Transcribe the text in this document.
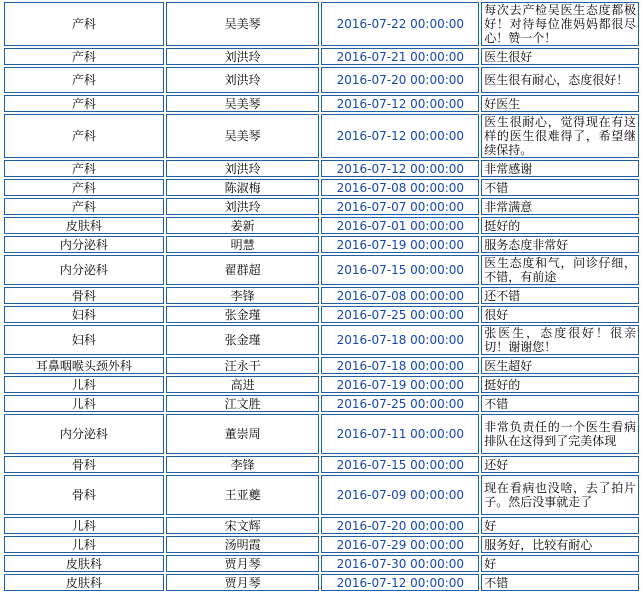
产科	吴美琴	2016-07-22 00:00:00	每次去产检吴医生态度都极好！对待每位准妈妈都很尽心！赞一个！
产科	刘洪玲	2016-07-21 00:00:00	医生很好
产科	刘洪玲	2016-07-20 00:00:00	医生很有耐心，态度很好！
产科	吴美琴	2016-07-12 00:00:00	好医生
产科	吴美琴	2016-07-12 00:00:00	医生很耐心，觉得现在有这样的医生很难得了，希望继续保持。
产科	刘洪玲	2016-07-12 00:00:00	非常感谢
产科	陈淑梅	2016-07-08 00:00:00	不错
产科	刘洪玲	2016-07-07 00:00:00	非常满意
皮肤科	姜新	2016-07-01 00:00:00	挺好的
内分泌科	明慧	2016-07-19 00:00:00	服务态度非常好
内分泌科	翟群超	2016-07-15 00:00:00	医生态度和气，问诊仔细，不错，有前途
骨科	李锋	2016-07-08 00:00:00	还不错
妇科	张金瑾	2016-07-25 00:00:00	很好
妇科	张金瑾	2016-07-18 00:00:00	张医生，态度很好！很亲切！谢谢您！
耳鼻咽喉头颈外科	汪永干	2016-07-18 00:00:00	医生超好
儿科	高进	2016-07-19 00:00:00	挺好的
儿科	江文胜	2016-07-25 00:00:00	不错
内分泌科	董崇周	2016-07-11 00:00:00	非常负责任的一个医生看病排队在这得到了完美体现
骨科	李锋	2016-07-15 00:00:00	还好
骨科	王亚夔	2016-07-09 00:00:00	现在看病也没啥，去了拍片子。然后没事就走了
儿科	宋文辉	2016-07-20 00:00:00	好
儿科	汤明霞	2016-07-29 00:00:00	服务好，比较有耐心
皮肤科	贾月琴	2016-07-30 00:00:00	好
皮肤科	贾月琴	2016-07-12 00:00:00	不错
